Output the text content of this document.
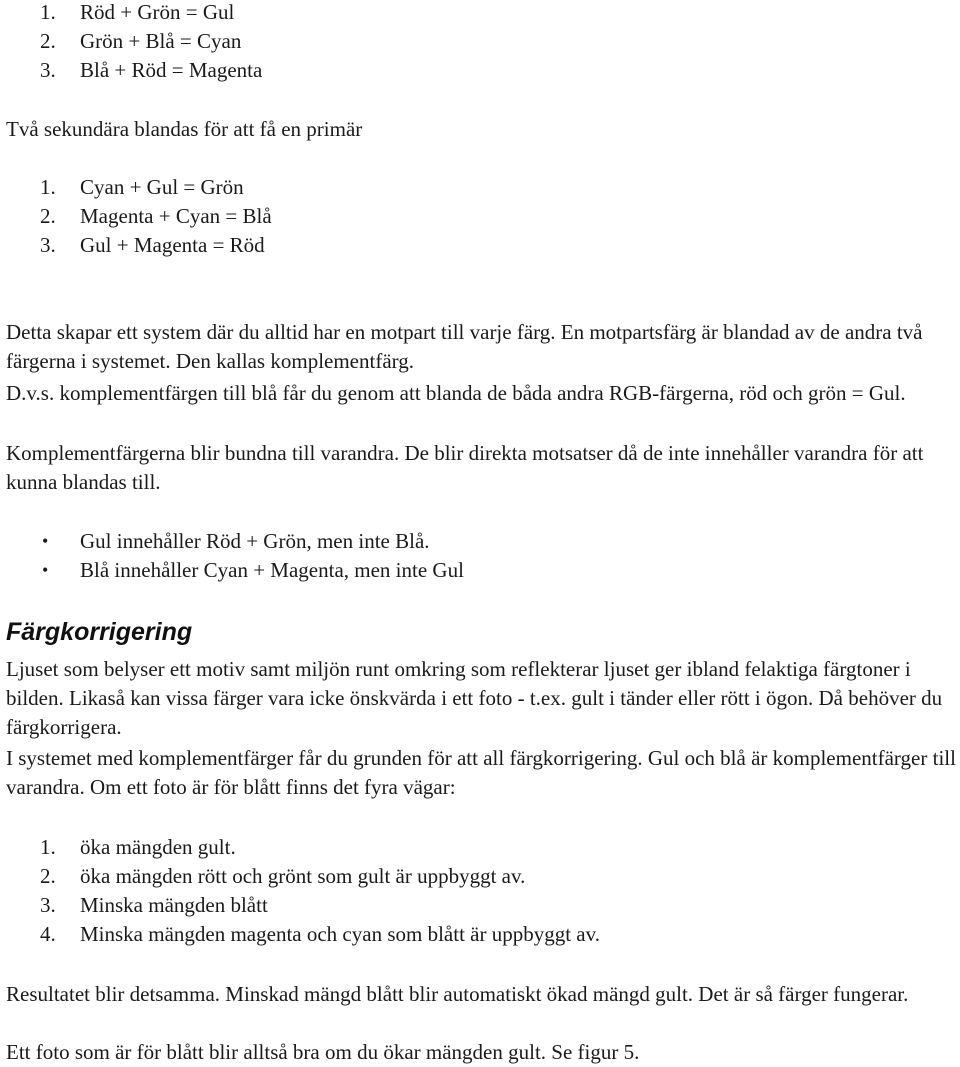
1. Röd + Grön = Gul
2. Grön + Blå = Cyan
3. Blå + Röd = Magenta

Två sekundära blandas för att få en primär

1. Cyan + Gul = Grön
2. Magenta + Cyan = Blå
3. Gul + Magenta = Röd

Detta skapar ett system där du alltid har en motpart till varje färg. En motpartsfärg är blandad av de andra två färgerna i systemet. Den kallas komplementfärg.

D.v.s. komplementfärgen till blå får du genom att blanda de båda andra RGB-färgerna, röd och grön = Gul.

Komplementfärgerna blir bundna till varandra. De blir direkta motsatser då de inte innehåller varandra för att kunna blandas till.

• Gul innehåller Röd + Grön, men inte Blå.
• Blå innehåller Cyan + Magenta, men inte Gul
Färgkorrigering

Ljuset som belyser ett motiv samt miljön runt omkring som reflekterar ljuset ger ibland felaktiga färgtoner i bilden. Likaså kan vissa färger vara icke önskvärda i ett foto - t.ex. gult i tänder eller rött i ögon. Då behöver du färgkorrigera.

I systemet med komplementfärger får du grunden för att all färgkorrigering. Gul och blå är komplementfärger till varandra. Om ett foto är för blått finns det fyra vägar:

1. öka mängden gult.
2. öka mängden rött och grönt som gult är uppbyggt av.
3. Minska mängden blått
4. Minska mängden magenta och cyan som blått är uppbyggt av.

Resultatet blir detsamma. Minskad mängd blått blir automatiskt ökad mängd gult. Det är så färger fungerar.

Ett foto som är för blått blir alltså bra om du ökar mängden gult. Se figur 5.
